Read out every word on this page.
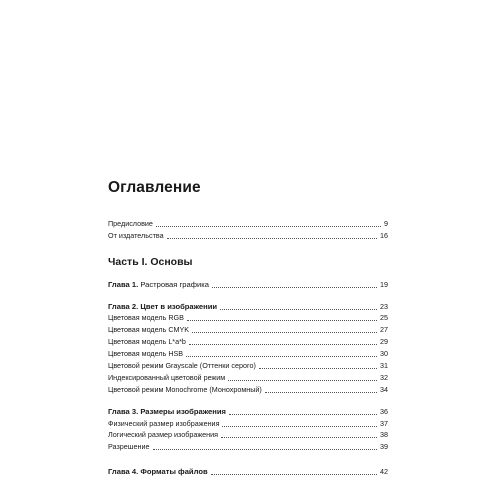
Оглавление
Предисловие	9
От издательства	16
Часть I. Основы
Глава 1. Растровая графика	19
Глава 2. Цвет в изображении	23
Цветовая модель RGB	25
Цветовая модель CMYK	27
Цветовая модель L*a*b	29
Цветовая модель HSB	30
Цветовой режим Grayscale (Оттенки серого)	31
Индексированный цветовой режим	32
Цветовой режим Monochrome (Монохромный)	34
Глава 3. Размеры изображения	36
Физический размер изображения	37
Логический размер изображения	38
Разрешение	39
Глава 4. Форматы файлов	42
